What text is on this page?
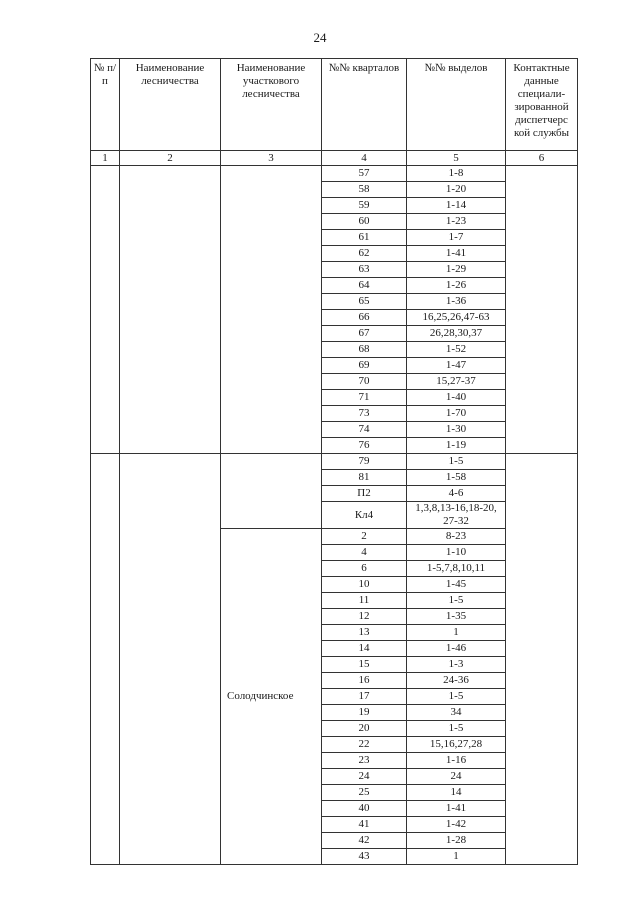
24
№ п/п	Наименование лесничества	Наименование участкового лесничества	№№ кварталов	№№ выделов	Контактные данные специали-зированной диспетчерс кой службы
1	2	3	4	5	6
			57	1-8	
			58	1-20	
			59	1-14	
			60	1-23	
			61	1-7	
			62	1-41	
			63	1-29	
			64	1-26	
			65	1-36	
			66	16,25,26,47-63	
			67	26,28,30,37	
			68	1-52	
			69	1-47	
			70	15,27-37	
			71	1-40	
			73	1-70	
			74	1-30	
			76	1-19	
			79	1-5	
			81	1-58	
			П2	4-6	
			Кл4	1,3,8,13-16,18-20, 27-32	
		Солодчинское	2	8-23	
			4	1-10	
			6	1-5,7,8,10,11	
			10	1-45	
			11	1-5	
			12	1-35	
			13	1	
			14	1-46	
			15	1-3	
			16	24-36	
			17	1-5	
			19	34	
			20	1-5	
			22	15,16,27,28	
			23	1-16	
			24	24	
			25	14	
			40	1-41	
			41	1-42	
			42	1-28	
			43	1	
